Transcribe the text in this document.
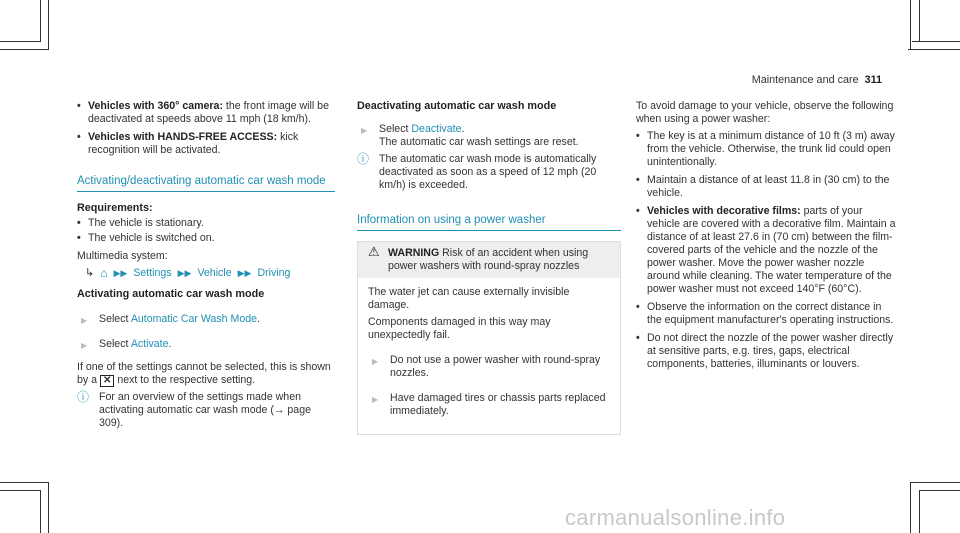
Maintenance and care 311
• Vehicles with 360° camera: the front image will be deactivated at speeds above 11 mph (18 km/h).
• Vehicles with HANDS-FREE ACCESS: kick recognition will be activated.
Activating/deactivating automatic car wash mode
Requirements:
• The vehicle is stationary.
• The vehicle is switched on.
Multimedia system:
↳ ⌂ ▶▶ Settings ▶▶ Vehicle ▶▶ Driving
Activating automatic car wash mode
▶ Select Automatic Car Wash Mode.
▶ Select Activate.
If one of the settings cannot be selected, this is shown by a ✕ next to the respective setting.
ⓘ For an overview of the settings made when activating automatic car wash mode (→ page 309).
Deactivating automatic car wash mode
▶ Select Deactivate.
The automatic car wash settings are reset.
ⓘ The automatic car wash mode is automatically deactivated as soon as a speed of 12 mph (20 km/h) is exceeded.
Information on using a power washer
⚠ WARNING Risk of an accident when using power washers with round-spray nozzles
The water jet can cause externally invisible damage.
Components damaged in this way may unexpectedly fail.
▶ Do not use a power washer with round-spray nozzles.
▶ Have damaged tires or chassis parts replaced immediately.
To avoid damage to your vehicle, observe the following when using a power washer:
• The key is at a minimum distance of 10 ft (3 m) away from the vehicle. Otherwise, the trunk lid could open unintentionally.
• Maintain a distance of at least 11.8 in (30 cm) to the vehicle.
• Vehicles with decorative films: parts of your vehicle are covered with a decorative film. Maintain a distance of at least 27.6 in (70 cm) between the film-covered parts of the vehicle and the nozzle of the power washer. Move the power washer nozzle around while cleaning. The water temperature of the power washer must not exceed 140°F (60°C).
• Observe the information on the correct distance in the equipment manufacturer's operating instructions.
• Do not direct the nozzle of the power washer directly at sensitive parts, e.g. tires, gaps, electrical components, batteries, illuminants or louvers.
carmanualsonline.info
